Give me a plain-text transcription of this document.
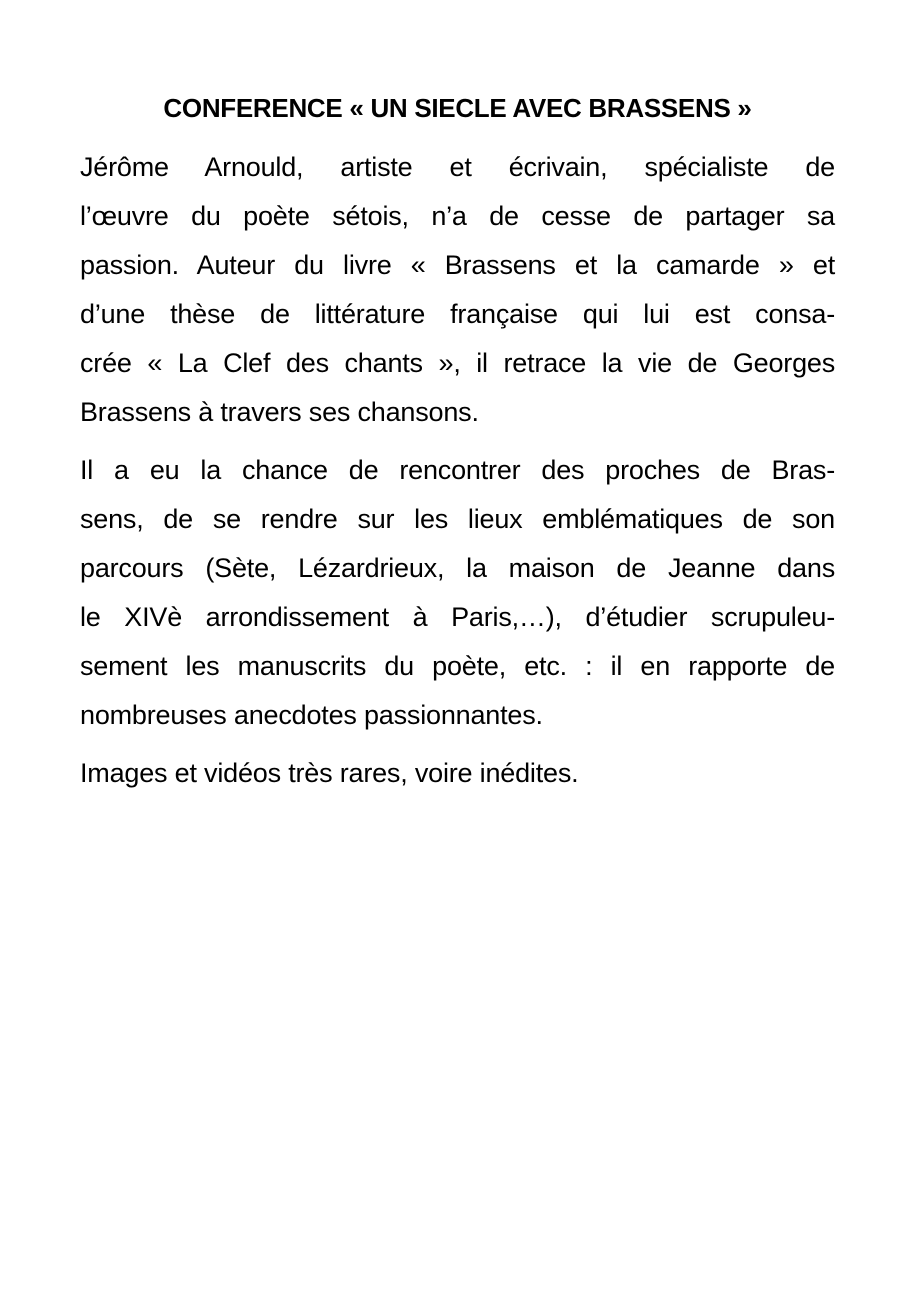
CONFERENCE « UN SIECLE AVEC BRASSENS »
Jérôme Arnould, artiste et écrivain, spécialiste de
l’œuvre du poète sétois, n’a de cesse de partager sa
passion. Auteur du livre « Brassens et la camarde » et
d’une thèse de littérature française qui lui est consa-
crée « La Clef des chants », il retrace la vie de Georges
Brassens à travers ses chansons.
Il a eu la chance de rencontrer des proches de Bras-
sens, de se rendre sur les lieux emblématiques de son
parcours (Sète, Lézardrieux, la maison de Jeanne dans
le XIVè arrondissement à Paris,…), d’étudier scrupuleu-
sement les manuscrits du poète, etc. : il en rapporte de
nombreuses anecdotes passionnantes.
Images et vidéos très rares, voire inédites.
